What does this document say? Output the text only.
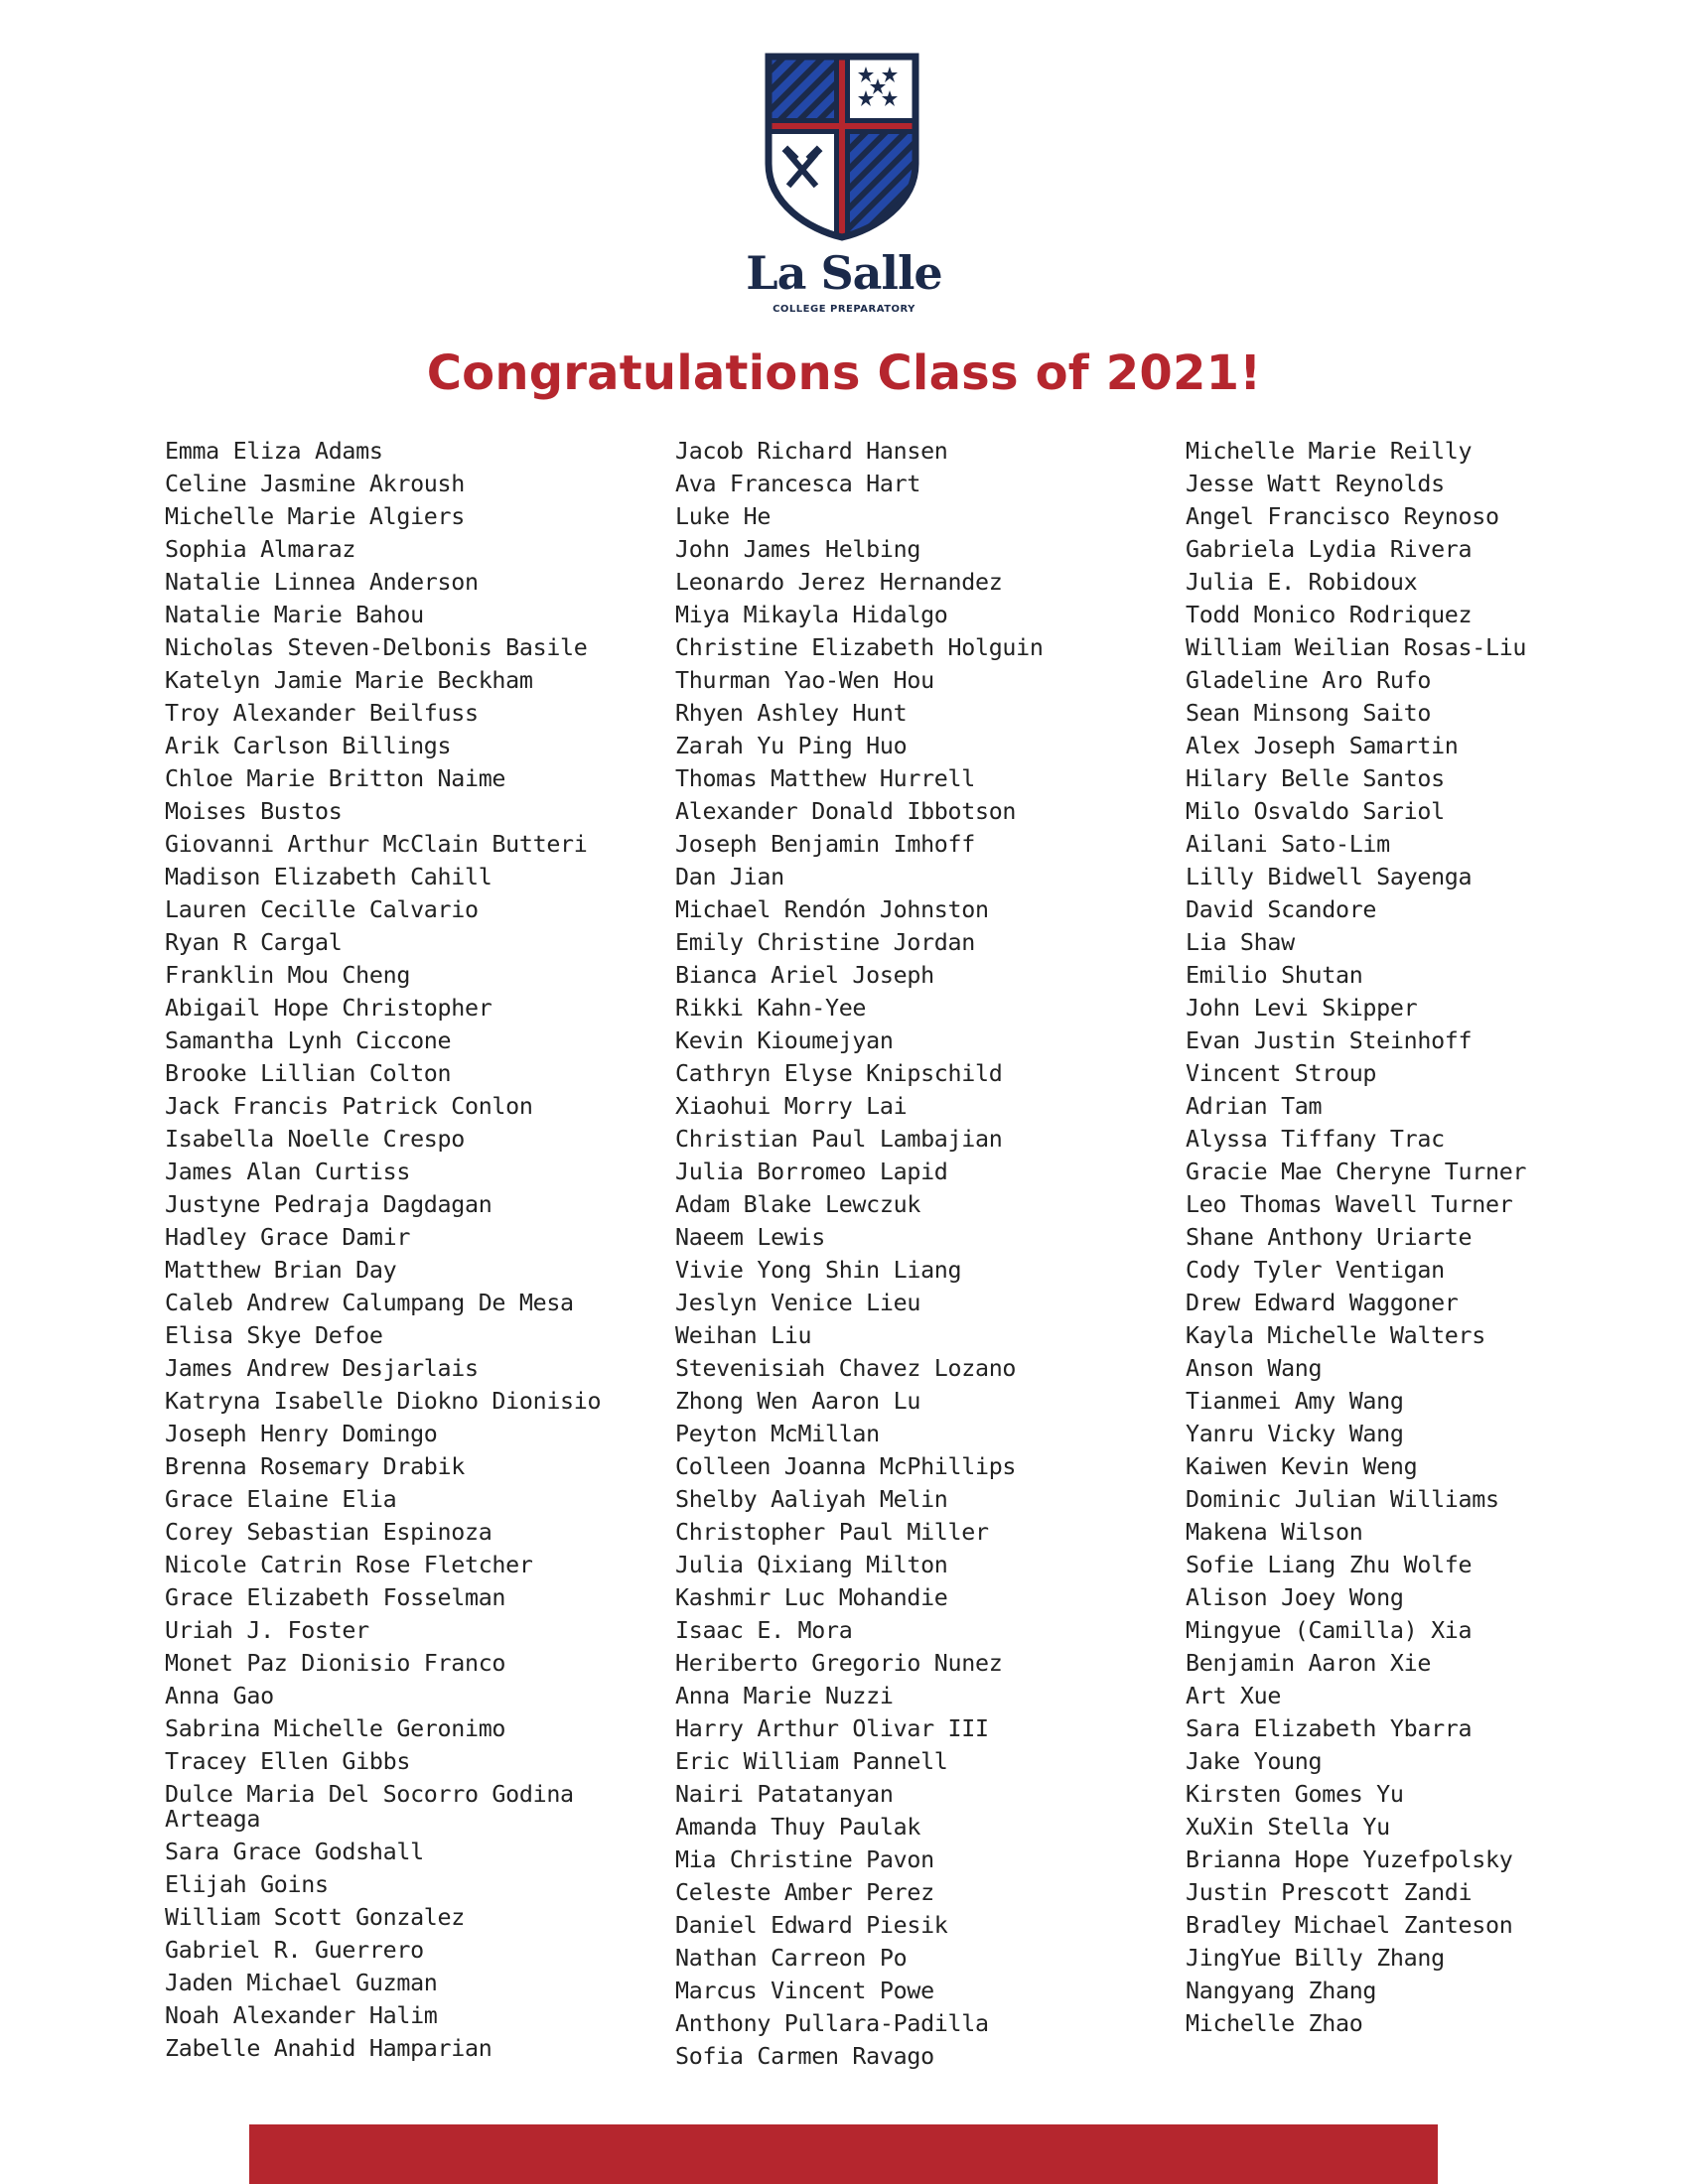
La Salle
COLLEGE PREPARATORY
Congratulations Class of 2021!
Emma Eliza Adams
Celine Jasmine Akroush
Michelle Marie Algiers
Sophia Almaraz
Natalie Linnea Anderson
Natalie Marie Bahou
Nicholas Steven-Delbonis Basile
Katelyn Jamie Marie Beckham
Troy Alexander Beilfuss
Arik Carlson Billings
Chloe Marie Britton Naime
Moises Bustos
Giovanni Arthur McClain Butteri
Madison Elizabeth Cahill
Lauren Cecille Calvario
Ryan R Cargal
Franklin Mou Cheng
Abigail Hope Christopher
Samantha Lynh Ciccone
Brooke Lillian Colton
Jack Francis Patrick Conlon
Isabella Noelle Crespo
James Alan Curtiss
Justyne Pedraja Dagdagan
Hadley Grace Damir
Matthew Brian Day
Caleb Andrew Calumpang De Mesa
Elisa Skye Defoe
James Andrew Desjarlais
Katryna Isabelle Diokno Dionisio
Joseph Henry Domingo
Brenna Rosemary Drabik
Grace Elaine Elia
Corey Sebastian Espinoza
Nicole Catrin Rose Fletcher
Grace Elizabeth Fosselman
Uriah J. Foster
Monet Paz Dionisio Franco
Anna Gao
Sabrina Michelle Geronimo
Tracey Ellen Gibbs
Dulce Maria Del Socorro Godina Arteaga
Sara Grace Godshall
Elijah Goins
William Scott Gonzalez
Gabriel R. Guerrero
Jaden Michael Guzman
Noah Alexander Halim
Zabelle Anahid Hamparian
Jacob Richard Hansen
Ava Francesca Hart
Luke He
John James Helbing
Leonardo Jerez Hernandez
Miya Mikayla Hidalgo
Christine Elizabeth Holguin
Thurman Yao-Wen Hou
Rhyen Ashley Hunt
Zarah Yu Ping Huo
Thomas Matthew Hurrell
Alexander Donald Ibbotson
Joseph Benjamin Imhoff
Dan Jian
Michael Rendón Johnston
Emily Christine Jordan
Bianca Ariel Joseph
Rikki Kahn-Yee
Kevin Kioumejyan
Cathryn Elyse Knipschild
Xiaohui Morry Lai
Christian Paul Lambajian
Julia Borromeo Lapid
Adam Blake Lewczuk
Naeem Lewis
Vivie Yong Shin Liang
Jeslyn Venice Lieu
Weihan Liu
Stevenisiah Chavez Lozano
Zhong Wen Aaron Lu
Peyton McMillan
Colleen Joanna McPhillips
Shelby Aaliyah Melin
Christopher Paul Miller
Julia Qixiang Milton
Kashmir Luc Mohandie
Isaac E. Mora
Heriberto Gregorio Nunez
Anna Marie Nuzzi
Harry Arthur Olivar III
Eric William Pannell
Nairi Patatanyan
Amanda Thuy Paulak
Mia Christine Pavon
Celeste Amber Perez
Daniel Edward Piesik
Nathan Carreon Po
Marcus Vincent Powe
Anthony Pullara-Padilla
Sofia Carmen Ravago
Michelle Marie Reilly
Jesse Watt Reynolds
Angel Francisco Reynoso
Gabriela Lydia Rivera
Julia E. Robidoux
Todd Monico Rodriquez
William Weilian Rosas-Liu
Gladeline Aro Rufo
Sean Minsong Saito
Alex Joseph Samartin
Hilary Belle Santos
Milo Osvaldo Sariol
Ailani Sato-Lim
Lilly Bidwell Sayenga
David Scandore
Lia Shaw
Emilio Shutan
John Levi Skipper
Evan Justin Steinhoff
Vincent Stroup
Adrian Tam
Alyssa Tiffany Trac
Gracie Mae Cheryne Turner
Leo Thomas Wavell Turner
Shane Anthony Uriarte
Cody Tyler Ventigan
Drew Edward Waggoner
Kayla Michelle Walters
Anson Wang
Tianmei Amy Wang
Yanru Vicky Wang
Kaiwen Kevin Weng
Dominic Julian Williams
Makena Wilson
Sofie Liang Zhu Wolfe
Alison Joey Wong
Mingyue (Camilla) Xia
Benjamin Aaron Xie
Art Xue
Sara Elizabeth Ybarra
Jake Young
Kirsten Gomes Yu
XuXin Stella Yu
Brianna Hope Yuzefpolsky
Justin Prescott Zandi
Bradley Michael Zanteson
JingYue Billy Zhang
Nangyang Zhang
Michelle Zhao
